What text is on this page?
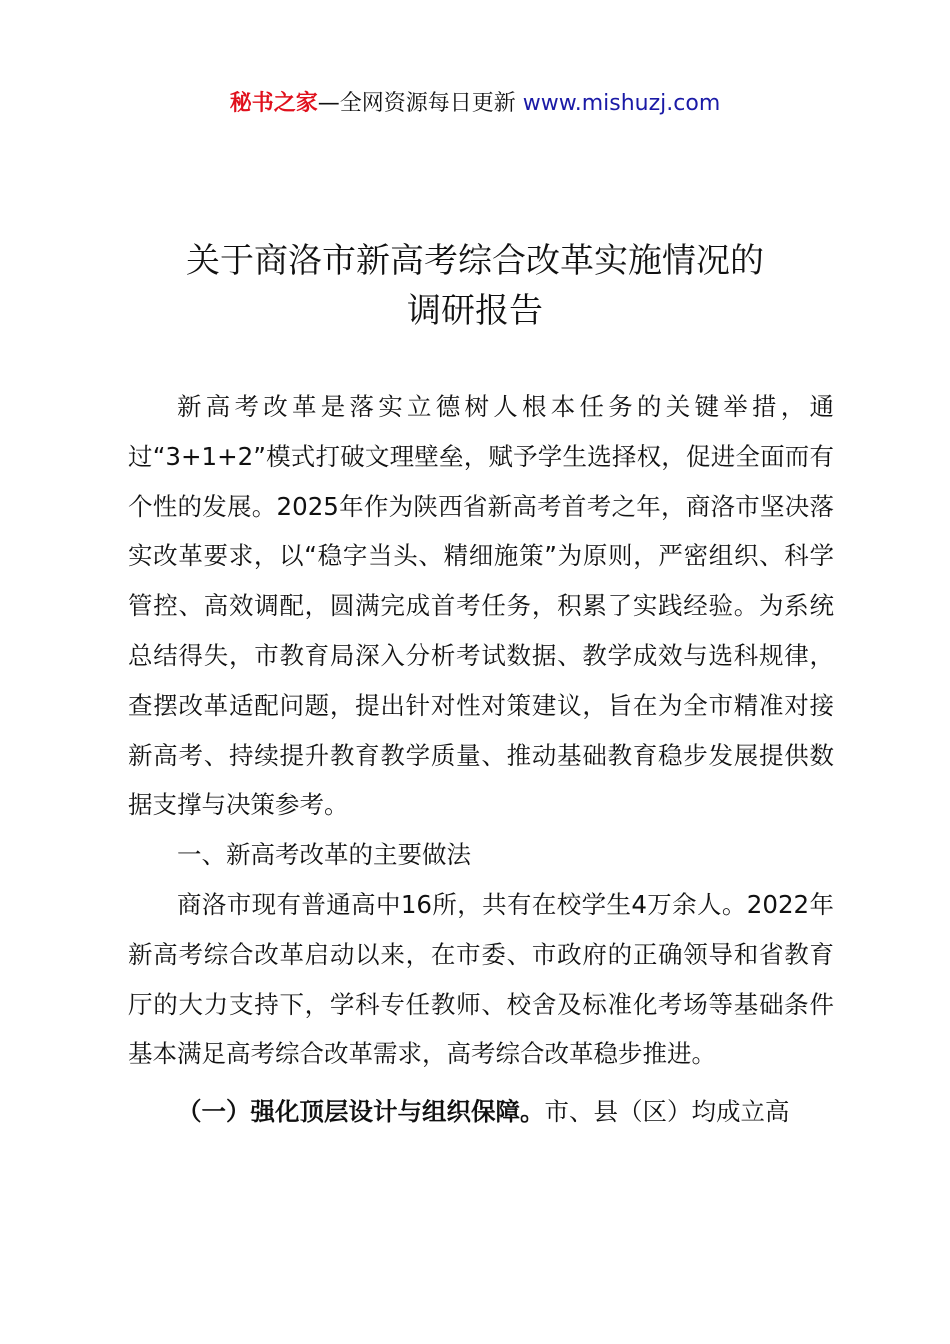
秘书之家—全网资源每日更新 www.mishuzj.com
关于商洛市新高考综合改革实施情况的
调研报告

新高考改革是落实立德树人根本任务的关键举措，通过“3+1+2”模式打破文理壁垒，赋予学生选择权，促进全面而有个性的发展。2025年作为陕西省新高考首考之年，商洛市坚决落实改革要求，以“稳字当头、精细施策”为原则，严密组织、科学管控、高效调配，圆满完成首考任务，积累了实践经验。为系统总结得失，市教育局深入分析考试数据、教学成效与选科规律，查摆改革适配问题，提出针对性对策建议，旨在为全市精准对接新高考、持续提升教育教学质量、推动基础教育稳步发展提供数据支撑与决策参考。

一、新高考改革的主要做法

商洛市现有普通高中16所，共有在校学生4万余人。2022年新高考综合改革启动以来，在市委、市政府的正确领导和省教育厅的大力支持下，学科专任教师、校舍及标准化考场等基础条件基本满足高考综合改革需求，高考综合改革稳步推进。

（一）强化顶层设计与组织保障。市、县（区）均成立高
